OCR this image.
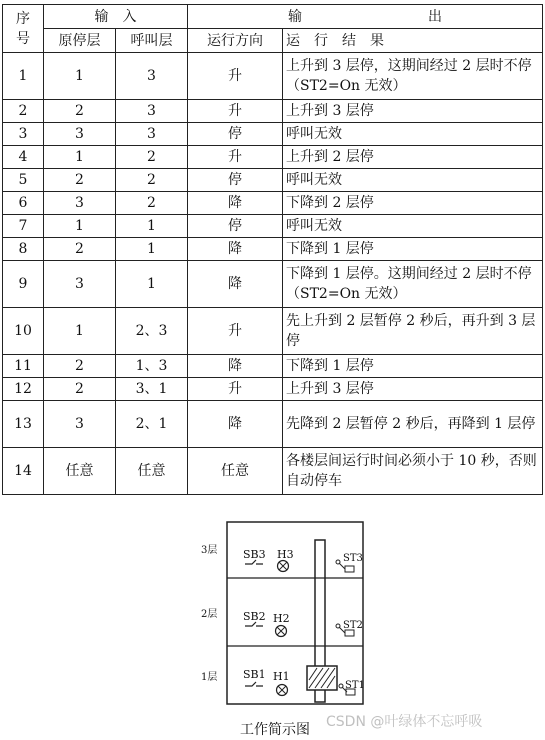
序
号	输　入		输　　　　　　　　　出	
	原停层	呼叫层	运行方向	运　行　结　果
1	1	3	升	上升到 3 层停，这期间经过 2 层时不停（ST2=On 无效）
2	2	3	升	上升到 3 层停
3	3	3	停	呼叫无效
4	1	2	升	上升到 2 层停
5	2	2	停	呼叫无效
6	3	2	降	下降到 2 层停
7	1	1	停	呼叫无效
8	2	1	降	下降到 1 层停
9	3	1	降	下降到 1 层停。这期间经过 2 层时不停（ST2=On 无效）
10	1	2、3	升	先上升到 2 层暂停 2 秒后，再升到 3 层停
11	2	1、3	降	下降到 1 层停
12	2	3、1	升	上升到 3 层停
13	3	2、1	降	先降到 2 层暂停 2 秒后，再降到 1 层停
14	任意	任意	任意	各楼层间运行时间必须小于 10 秒，否则自动停车
3层
2层
1层
SB3 H3	ST3
SB2 H2
ST2
SB1 H1
ST1
工作简示图 CSDN @叶绿体不忘呼吸
